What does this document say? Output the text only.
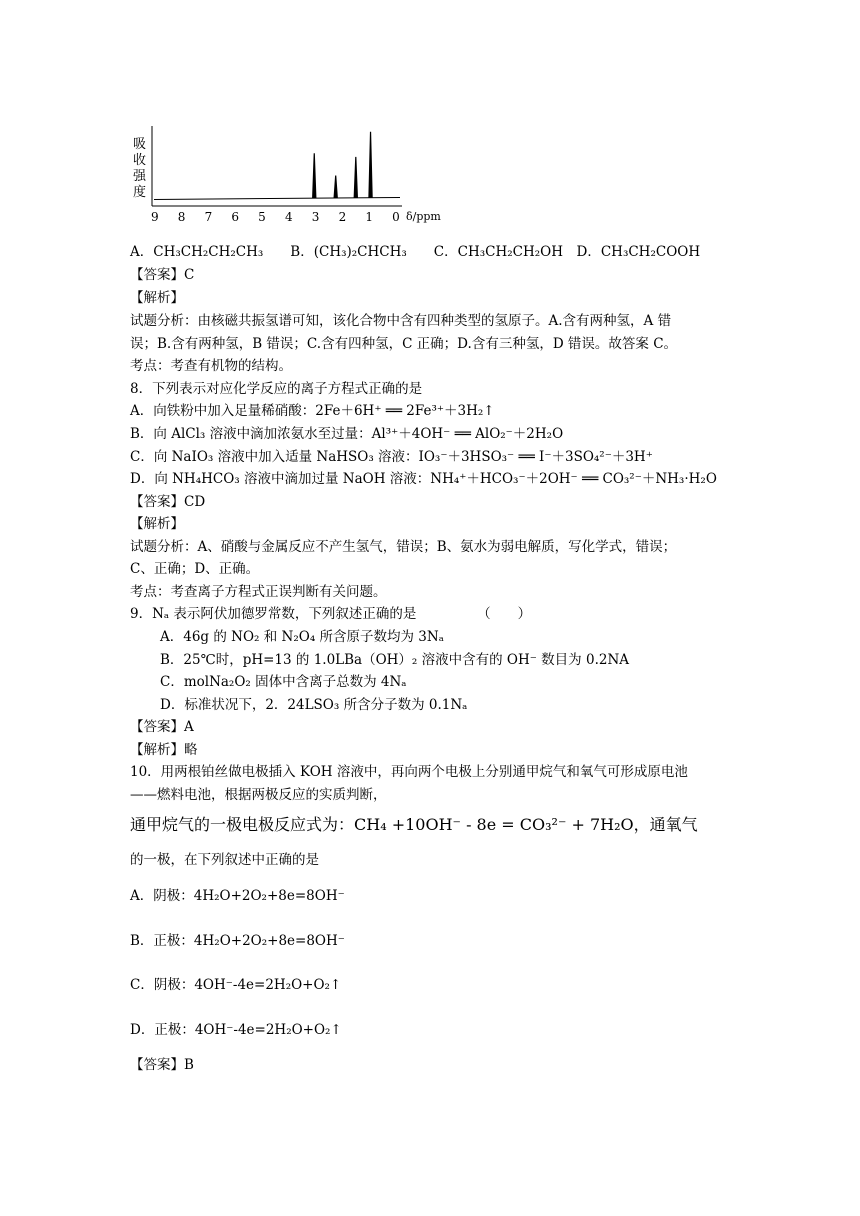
吸
收
强
度
9 8 7 6 5 4 3 2 1 0 δ/ppm
A．CH₃CH₂CH₂CH₃　　B．(CH₃)₂CHCH₃　　C．CH₃CH₂CH₂OH　D．CH₃CH₂COOH
【答案】C
【解析】
试题分析：由核磁共振氢谱可知，该化合物中含有四种类型的氢原子。A.含有两种氢，A 错
误；B.含有两种氢，B 错误；C.含有四种氢，C 正确；D.含有三种氢，D 错误。故答案 C。
考点：考查有机物的结构。
8．下列表示对应化学反应的离子方程式正确的是
A．向铁粉中加入足量稀硝酸：2Fe＋6H⁺ ══ 2Fe³⁺＋3H₂↑
B．向 AlCl₃ 溶液中滴加浓氨水至过量：Al³⁺＋4OH⁻ ══ AlO₂⁻＋2H₂O
C．向 NaIO₃ 溶液中加入适量 NaHSO₃ 溶液：IO₃⁻＋3HSO₃⁻ ══ I⁻＋3SO₄²⁻＋3H⁺
D．向 NH₄HCO₃ 溶液中滴加过量 NaOH 溶液：NH₄⁺＋HCO₃⁻＋2OH⁻ ══ CO₃²⁻＋NH₃·H₂O
【答案】CD
【解析】
试题分析：A、硝酸与金属反应不产生氢气，错误；B、氨水为弱电解质，写化学式，错误；
C、正确；D、正确。
考点：考查离子方程式正误判断有关问题。
9．Nₐ 表示阿伏加德罗常数，下列叙述正确的是　　　　　（　　）
A．46g 的 NO₂ 和 N₂O₄ 所含原子数均为 3Nₐ
B．25℃时，pH=13 的 1.0LBa（OH）₂ 溶液中含有的 OH⁻ 数目为 0.2NA
C．molNa₂O₂ 固体中含离子总数为 4Nₐ
D．标准状况下，2．24LSO₃ 所含分子数为 0.1Nₐ
【答案】A
【解析】略
10．用两根铂丝做电极插入 KOH 溶液中，再向两个电极上分别通甲烷气和氧气可形成原电池
——燃料电池，根据两极反应的实质判断，
通甲烷气的一极电极反应式为：CH₄ +10OH⁻ - 8e = CO₃²⁻ + 7H₂O，通氧气
的一极，在下列叙述中正确的是
A．阴极：4H₂O+2O₂+8e=8OH⁻
B．正极：4H₂O+2O₂+8e=8OH⁻
C．阴极：4OH⁻-4e=2H₂O+O₂↑
D．正极：4OH⁻-4e=2H₂O+O₂↑
【答案】B
